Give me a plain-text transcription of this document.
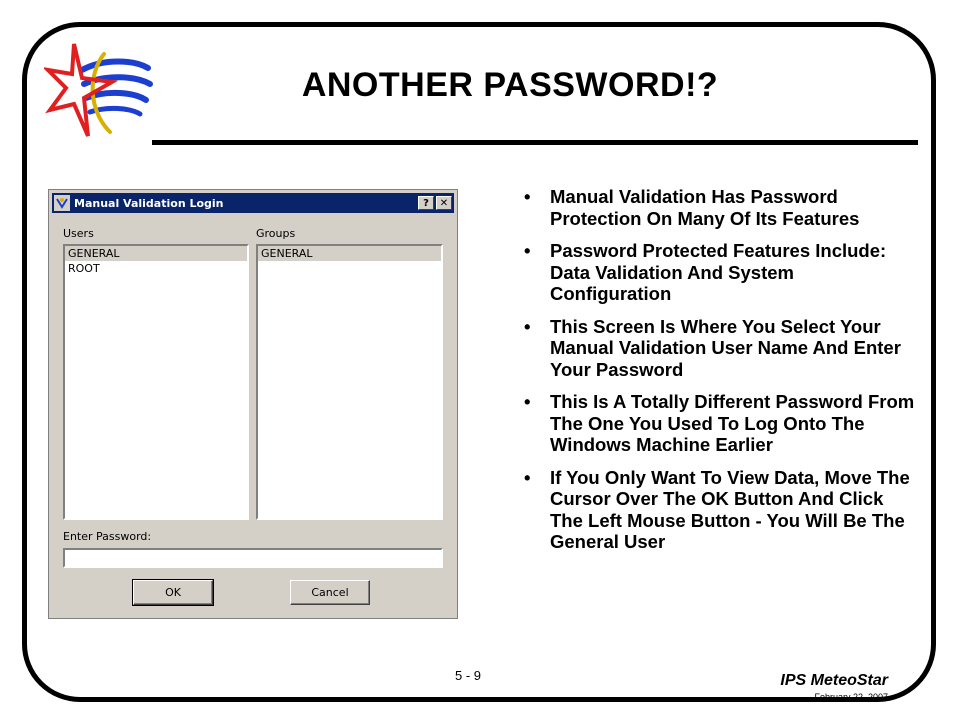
ANOTHER PASSWORD!?
Manual Validation Login	?	✕
Users
GENERAL
ROOT
Groups
GENERAL
Enter Password:
OK	Cancel
• Manual Validation Has Password Protection On Many Of Its Features
• Password Protected Features Include: Data Validation And System Configuration
• This Screen Is Where You Select Your Manual Validation User Name And Enter Your Password
• This Is A Totally Different Password From The One You Used To Log Onto The Windows Machine Earlier
• If You Only Want To View Data, Move The Cursor Over The OK Button And Click The Left Mouse Button - You Will Be The General User
5 - 9	IPS MeteoStar
February 22, 2007
